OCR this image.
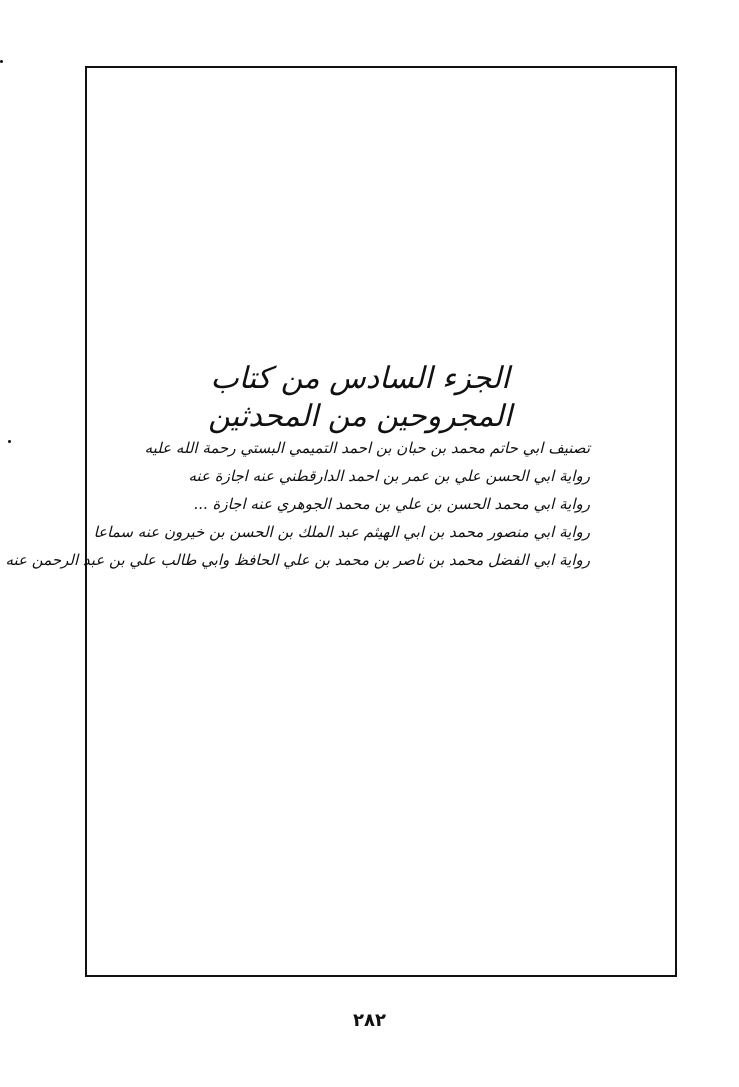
الجزء السادس من كتاب المجروحين من المحدثين
تصنيف ابي حاتم محمد بن حبان بن احمد التميمي البستي رحمة الله عليه
رواية ابي الحسن علي بن عمر بن احمد الدارقطني عنه اجازة عنه
رواية ابي محمد الحسن بن علي بن محمد الجوهري عنه اجازة ...
رواية ابي منصور محمد بن ابي الهيثم عبد الملك بن الحسن بن خيرون عنه سماعا
رواية ابي الفضل محمد بن ناصر بن محمد بن علي الحافظ وابي طالب علي بن عبد الرحمن عنه
٢٨٢
